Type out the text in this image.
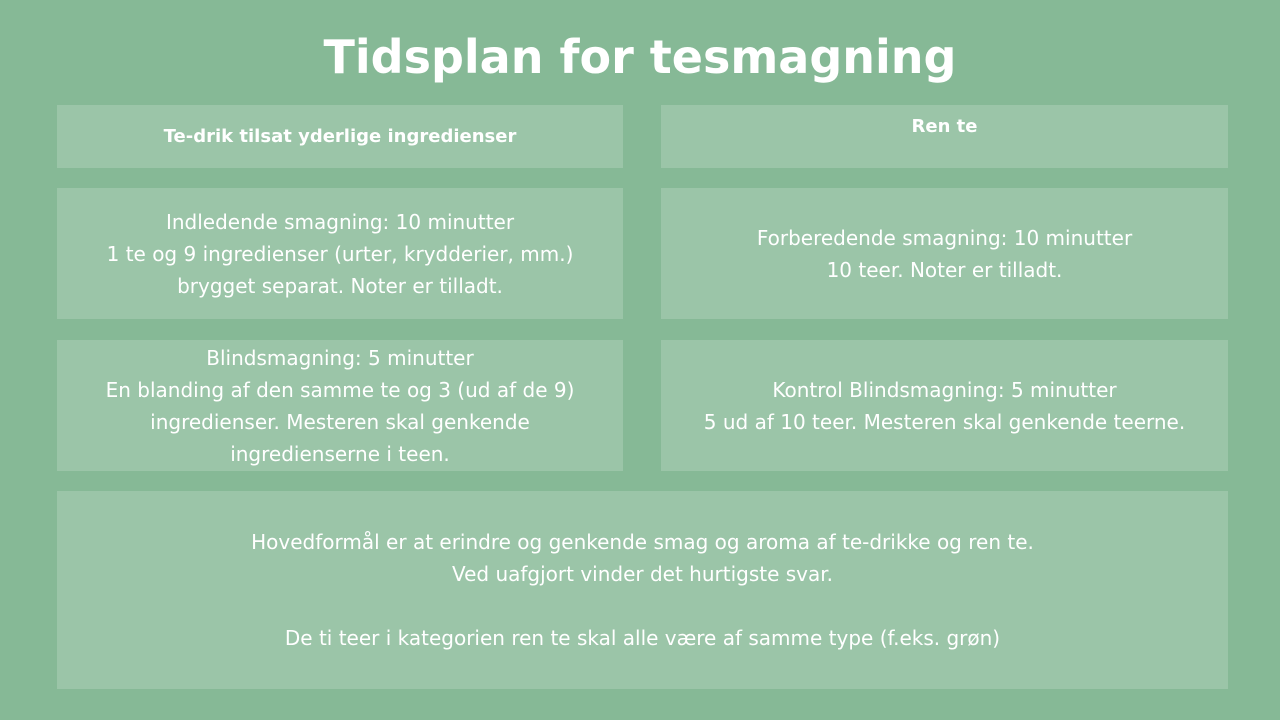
Tidsplan for tesmagning
Te-drik tilsat yderlige ingredienser	Ren te
Indledende smagning: 10 minutter
1 te og 9 ingredienser (urter, krydderier, mm.)
brygget separat. Noter er tilladt.
Forberedende smagning: 10 minutter
10 teer. Noter er tilladt.
Blindsmagning: 5 minutter
En blanding af den samme te og 3 (ud af de 9)
ingredienser. Mesteren skal genkende
ingredienserne i teen.
Kontrol Blindsmagning: 5 minutter
5 ud af 10 teer. Mesteren skal genkende teerne.
Hovedformål er at erindre og genkende smag og aroma af te-drikke og ren te.
Ved uafgjort vinder det hurtigste svar.
De ti teer i kategorien ren te skal alle være af samme type (f.eks. grøn)
